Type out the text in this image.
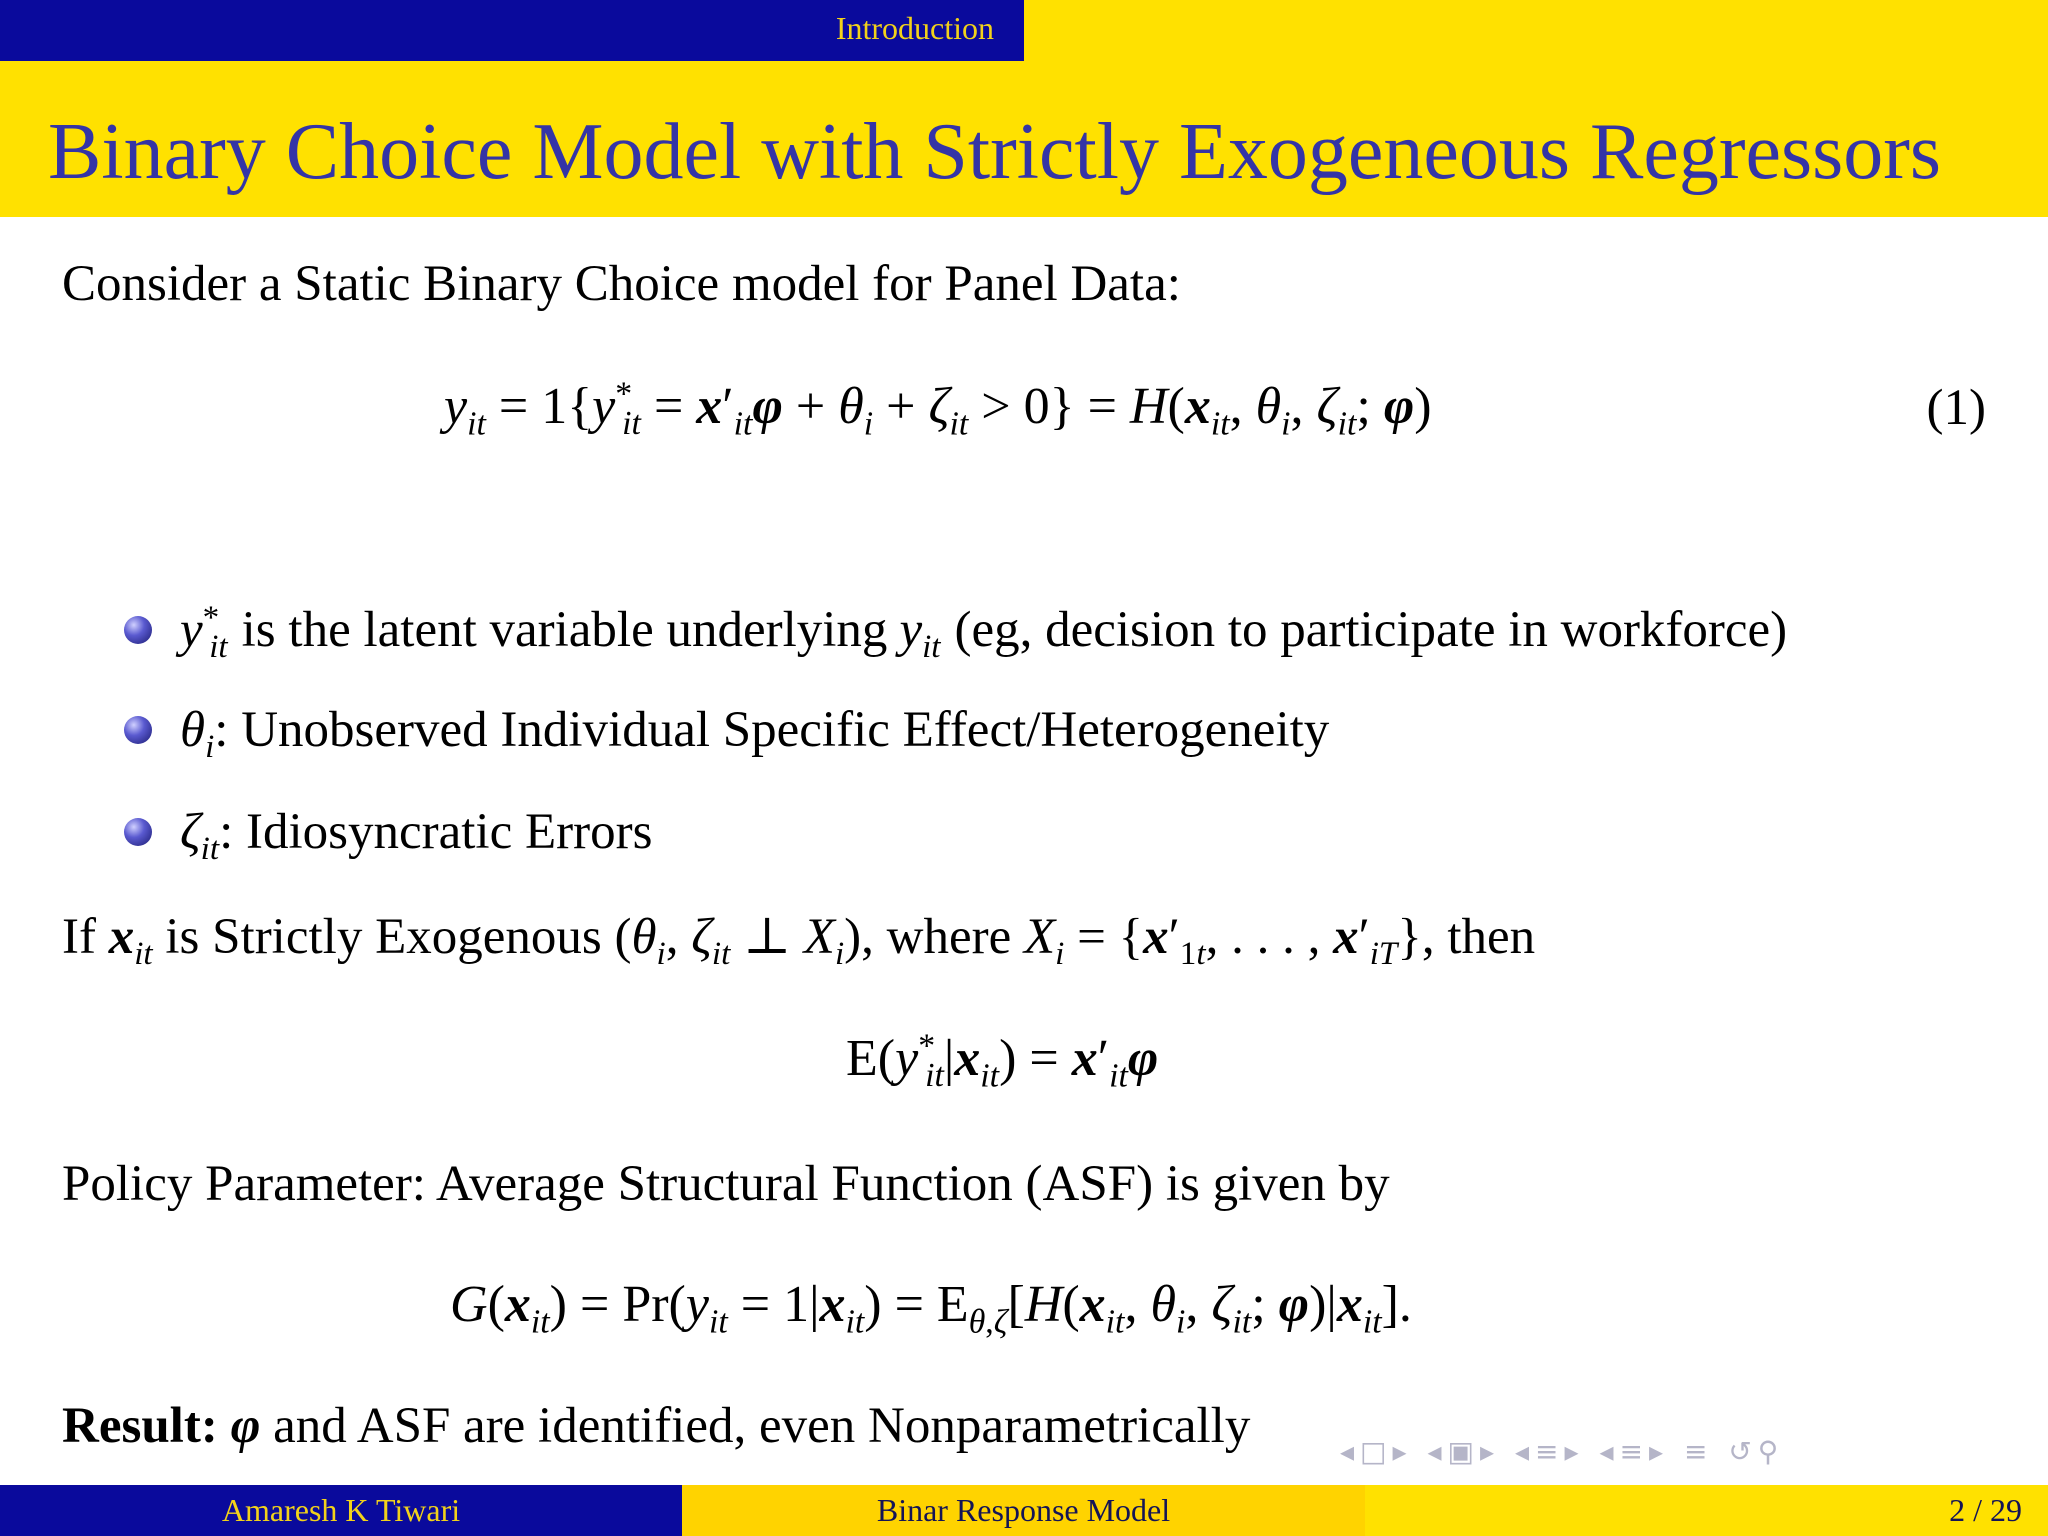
Introduction
Binary Choice Model with Strictly Exogeneous Regressors

Consider a Static Binary Choice model for Panel Data:

$y_{it} = 1\{y^*_{it} = x'_{it}\varphi + \theta_i + \zeta_{it} > 0\} = H(x_{it}$, $\theta_i$, $\zeta_{it}$; φ)	(1)
$y^*_{it}$ is the latent variable underlying $y_{it}$ (eg, decision to participate in workforce)
$\theta_i$ : Unobserved Individual Specific Effect/Heterogeneity
$\zeta_{it}$ : Idiosyncratic Errors

If $x_{it}$ is Strictly Exogenous ($\theta_i$, $\zeta_{it}$ ⊥ $X_i$), where $X_i = \{x'_{1t}$, . . . , $x'_{iT}$}, then

$E(y^*_{it}|x_{it}) = x'_{it}\varphi$

Policy Parameter: Average Structural Function (ASF) is given by

$G(x_{it}) = Pr(y_{it} = 1|x_{it}) = E_{\theta,\zeta}[H(x_{it}$, $\theta_i$, $\zeta_{it}$; $\varphi)|x_{it}$].

Result: φ and ASF are identified, even Nonparametrically	◂□▸ ◂▣▸ ◂≡▸ ◂≡▸ ≡ ↺⚲
Amaresh K Tiwari	Binar Response Model	2 / 29
